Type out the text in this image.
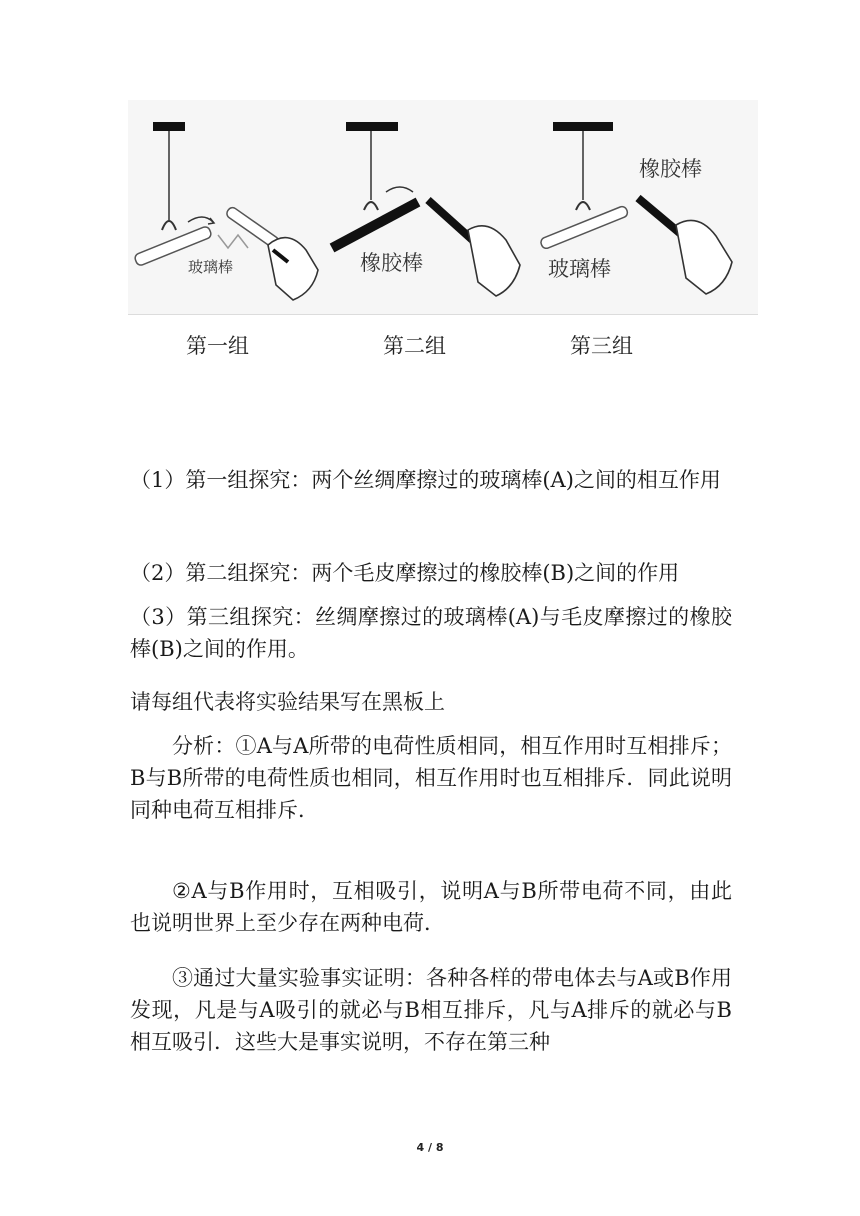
玻璃棒	橡胶棒
橡胶棒
玻璃棒
第一组	第二组	第三组
（1）第一组探究：两个丝绸摩擦过的玻璃棒(A)之间的相互作用
（2）第二组探究：两个毛皮摩擦过的橡胶棒(B)之间的作用
（3）第三组探究：丝绸摩擦过的玻璃棒(A)与毛皮摩擦过的橡胶棒(B)之间的作用。
请每组代表将实验结果写在黑板上
分析：①A与A所带的电荷性质相同，相互作用时互相排斥；B与B所带的电荷性质也相同，相互作用时也互相排斥．同此说明同种电荷互相排斥．
②A与B作用时，互相吸引，说明A与B所带电荷不同，由此也说明世界上至少存在两种电荷．
③通过大量实验事实证明：各种各样的带电体去与A或B作用发现，凡是与A吸引的就必与B相互排斥，凡与A排斥的就必与B相互吸引．这些大是事实说明，不存在第三种
4 / 8
